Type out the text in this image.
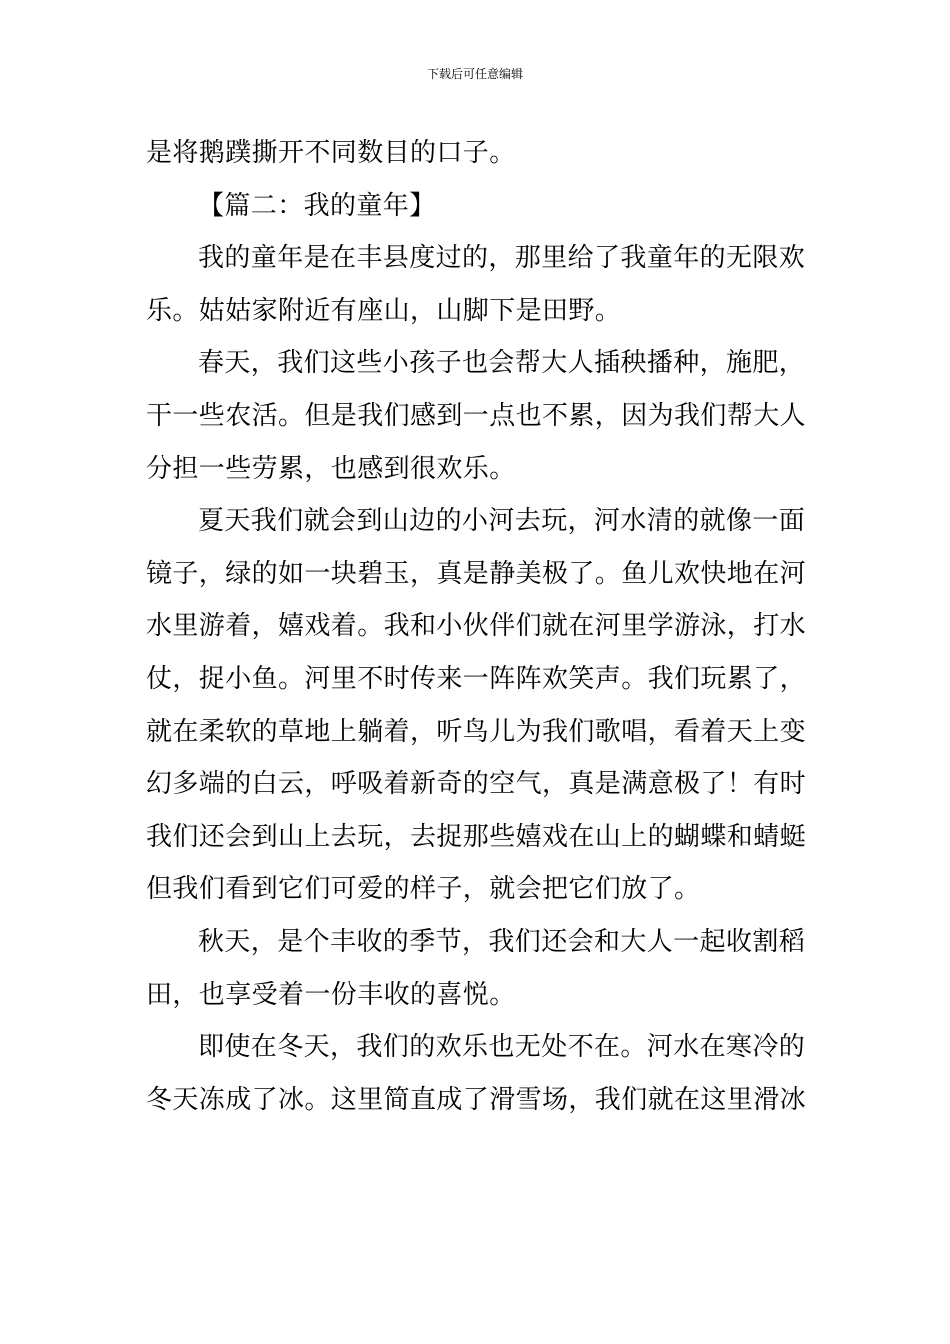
下载后可任意编辑
是将鹅蹼撕开不同数目的口子。
【篇二：我的童年】
我的童年是在丰县度过的，那里给了我童年的无限欢
乐。姑姑家附近有座山，山脚下是田野。
春天，我们这些小孩子也会帮大人插秧播种，施肥，
干一些农活。但是我们感到一点也不累，因为我们帮大人
分担一些劳累，也感到很欢乐。
夏天我们就会到山边的小河去玩，河水清的就像一面
镜子，绿的如一块碧玉，真是静美极了。鱼儿欢快地在河
水里游着，嬉戏着。我和小伙伴们就在河里学游泳，打水
仗，捉小鱼。河里不时传来一阵阵欢笑声。我们玩累了，
就在柔软的草地上躺着，听鸟儿为我们歌唱，看着天上变
幻多端的白云，呼吸着新奇的空气，真是满意极了！有时
我们还会到山上去玩，去捉那些嬉戏在山上的蝴蝶和蜻蜓
但我们看到它们可爱的样子，就会把它们放了。
秋天，是个丰收的季节，我们还会和大人一起收割稻
田，也享受着一份丰收的喜悦。
即使在冬天，我们的欢乐也无处不在。河水在寒冷的
冬天冻成了冰。这里简直成了滑雪场，我们就在这里滑冰
